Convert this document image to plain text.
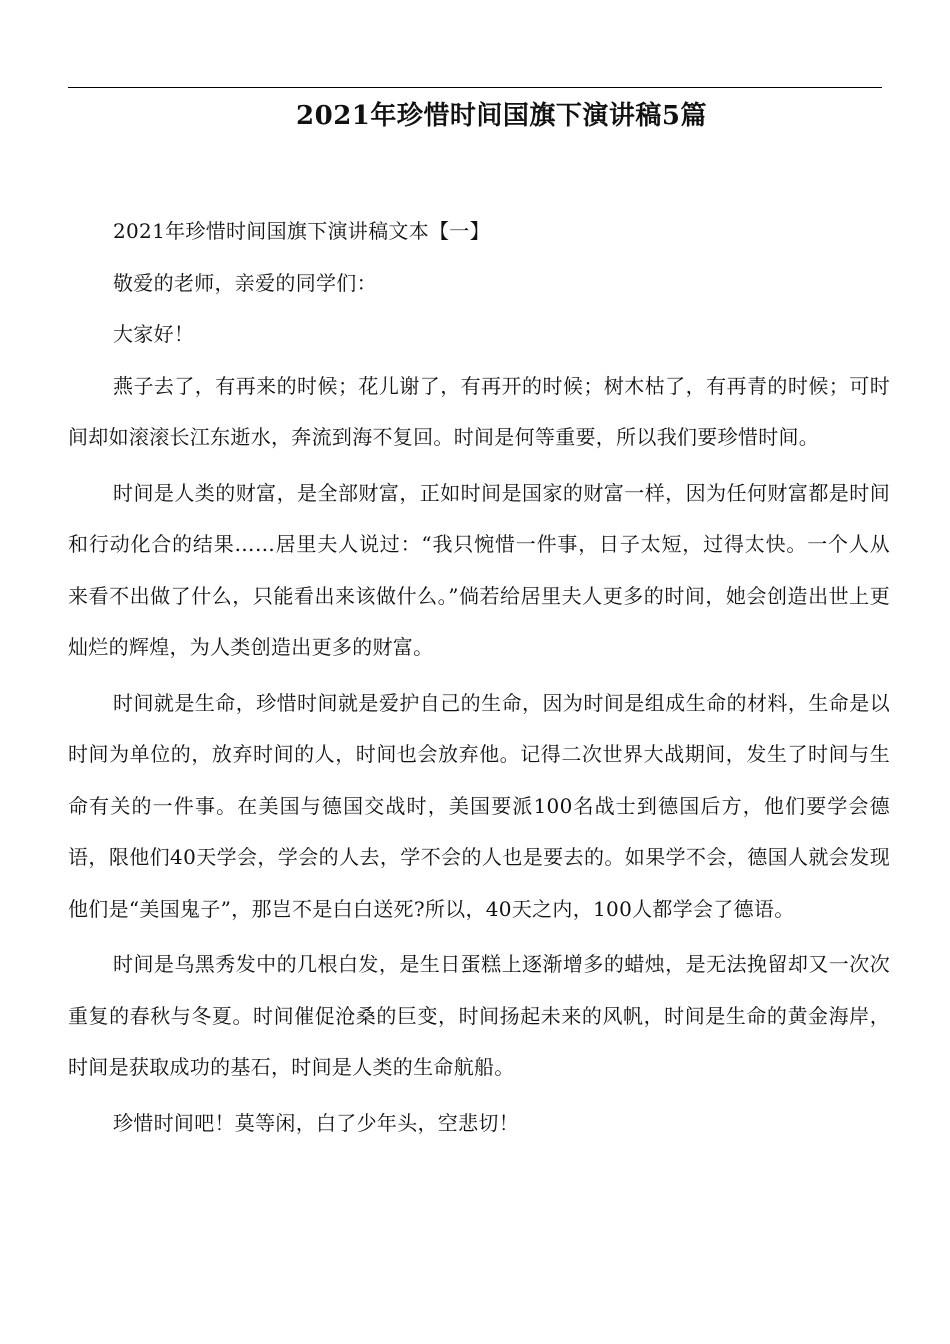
2021年珍惜时间国旗下演讲稿5篇

2021年珍惜时间国旗下演讲稿文本【一】

敬爱的老师，亲爱的同学们：

大家好！

燕子去了，有再来的时候；花儿谢了，有再开的时候；树木枯了，有再青的时候；可时间却如滚滚长江东逝水，奔流到海不复回。时间是何等重要，所以我们要珍惜时间。

时间是人类的财富，是全部财富，正如时间是国家的财富一样，因为任何财富都是时间和行动化合的结果……居里夫人说过：“我只惋惜一件事，日子太短，过得太快。一个人从来看不出做了什么，只能看出来该做什么。”倘若给居里夫人更多的时间，她会创造出世上更灿烂的辉煌，为人类创造出更多的财富。

时间就是生命，珍惜时间就是爱护自己的生命，因为时间是组成生命的材料，生命是以时间为单位的，放弃时间的人，时间也会放弃他。记得二次世界大战期间，发生了时间与生命有关的一件事。在美国与德国交战时，美国要派100名战士到德国后方，他们要学会德语，限他们40天学会，学会的人去，学不会的人也是要去的。如果学不会，德国人就会发现他们是“美国鬼子”，那岂不是白白送死?所以，40天之内，100人都学会了德语。

时间是乌黑秀发中的几根白发，是生日蛋糕上逐渐增多的蜡烛，是无法挽留却又一次次重复的春秋与冬夏。时间催促沧桑的巨变，时间扬起未来的风帆，时间是生命的黄金海岸，时间是获取成功的基石，时间是人类的生命航船。

珍惜时间吧！莫等闲，白了少年头，空悲切！
